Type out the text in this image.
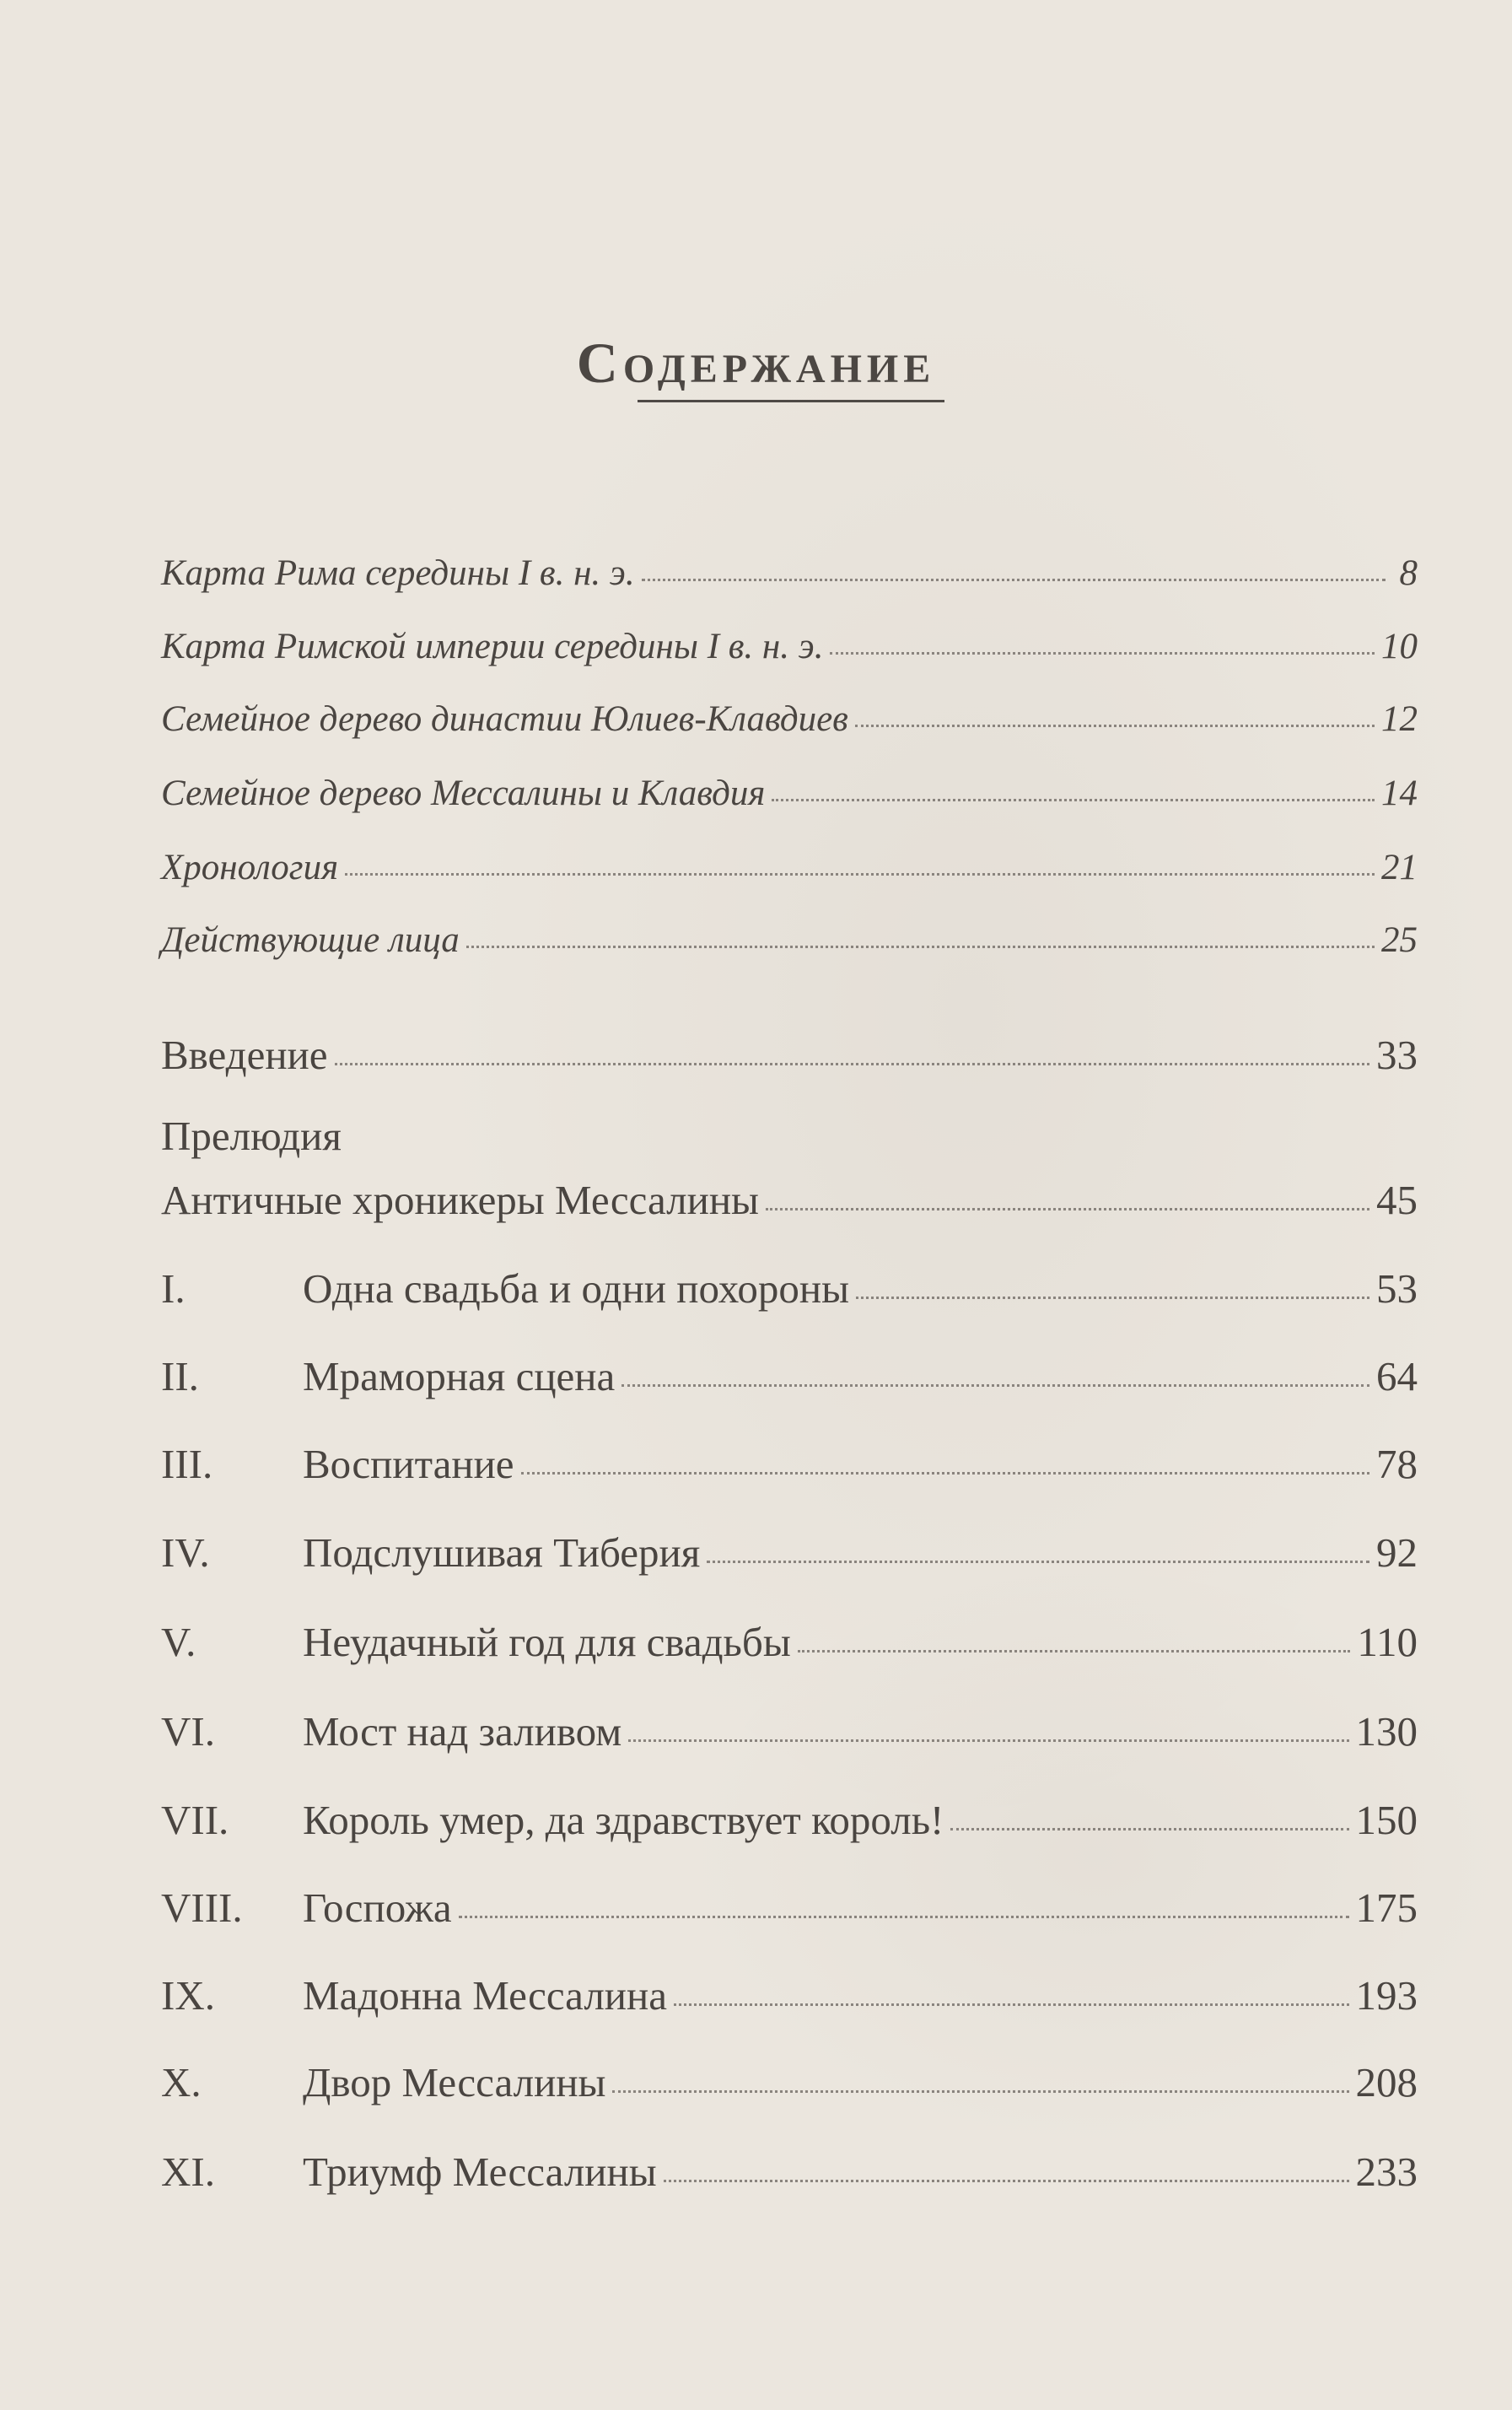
Содержание
Карта Рима середины I в. н. э.	8
Карта Римской империи середины I в. н. э.	10
Семейное дерево династии Юлиев-Клавдиев	12
Семейное дерево Мессалины и Клавдия	14
Хронология	21
Действующие лица	25
Введение	33
Прелюдия
Античные хроникеры Мессалины	45
I.	Одна свадьба и одни похороны	53
II.	Мраморная сцена	64
III.	Воспитание	78
IV.	Подслушивая Тиберия	92
V.	Неудачный год для свадьбы	110
VI.	Мост над заливом	130
VII.	Король умер, да здравствует король!	150
VIII.	Госпожа	175
IX.	Мадонна Мессалина	193
X.	Двор Мессалины	208
XI.	Триумф Мессалины	233
